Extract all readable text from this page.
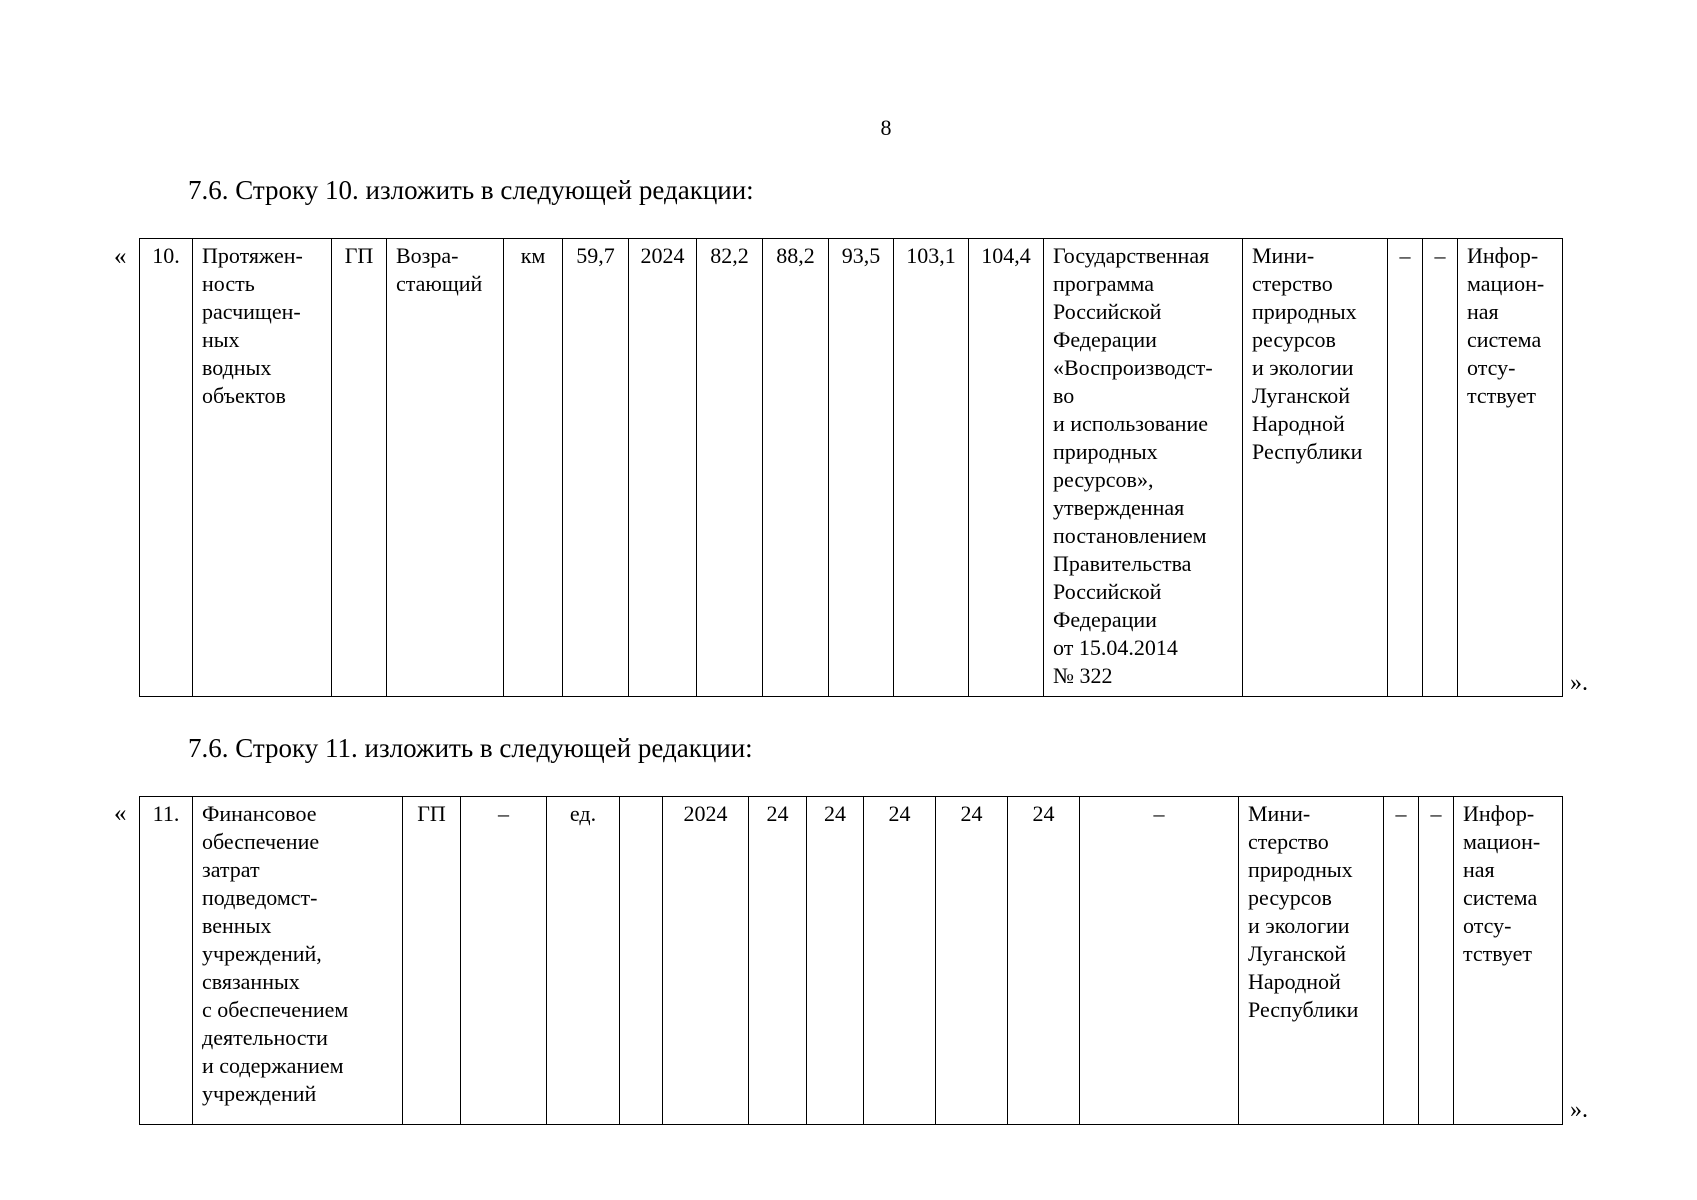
8
7.6. Строку 10. изложить в следующей редакции:
« 10.	Протяжен-
ность
расчищен-
ных
водных
объектов	ГП	Возра-
стающий	км	59,7	2024	82,2	88,2	93,5	103,1	104,4	Государственная
программа
Российской
Федерации
«Воспроизводст-
во
и использование
природных
ресурсов»,
утвержденная
постановлением
Правительства
Российской
Федерации
от 15.04.2014
№ 322	Мини-
стерство
природных
ресурсов
и экологии
Луганской
Народной
Республики	–	–	Инфор-
мацион-
ная
система
отсу-
тствует
».
7.6. Строку 11. изложить в следующей редакции:
« 11.	Финансовое
обеспечение
затрат
подведомст-
венных
учреждений,
связанных
с обеспечением
деятельности
и содержанием
учреждений	ГП	–	ед.		2024	24	24	24	24	24	–	Мини-
стерство
природных
ресурсов
и экологии
Луганской
Народной
Республики	–	–	Инфор-
мацион-
ная
система
отсу-
тствует
».
